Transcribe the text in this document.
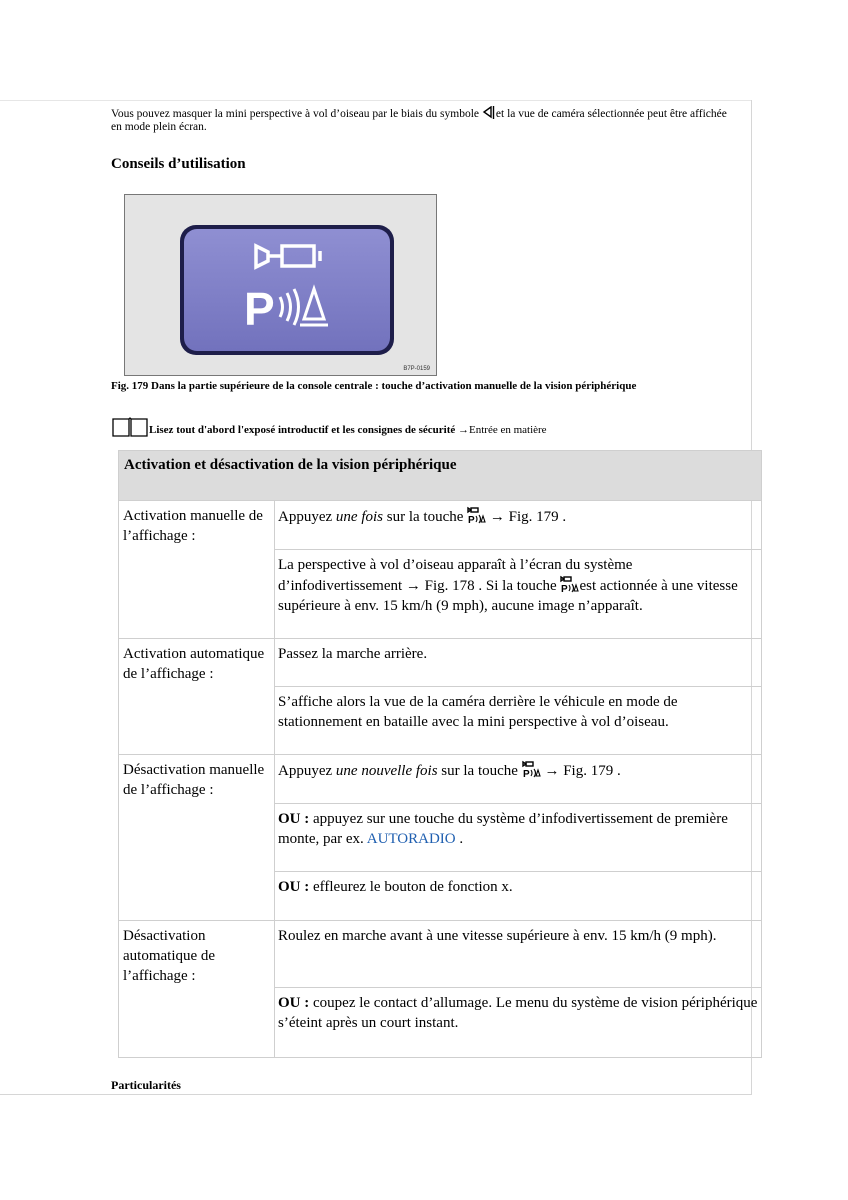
Vous pouvez masquer la mini perspective à vol d’oiseau par le biais du symbole et la vue de caméra sélectionnée peut être affichée en mode plein écran.
Conseils d’utilisation
P
B7P-0159
Fig. 179 Dans la partie supérieure de la console centrale : touche d’activation manuelle de la vision périphérique
Lisez tout d'abord l'exposé introductif et les consignes de sécurité →Entrée en matière
Activation et désactivation de la vision périphérique
Activation manuelle de l’affichage :
Appuyez une fois sur la touche P → Fig. 179 .
La perspective à vol d’oiseau apparaît à l’écran du système d’infodivertissement → Fig. 178 . Si la touche P est actionnée à une vitesse supérieure à env. 15 km/h (9 mph), aucune image n’apparaît.
Activation automatique de l’affichage :
Passez la marche arrière.
S’affiche alors la vue de la caméra derrière le véhicule en mode de stationnement en bataille avec la mini perspective à vol d’oiseau.
Désactivation manuelle de l’affichage :
Appuyez une nouvelle fois sur la touche P → Fig. 179 .
OU : appuyez sur une touche du système d’infodivertissement de première monte, par ex. AUTORADIO .
OU : effleurez le bouton de fonction x.
Désactivation automatique de l’affichage :
Roulez en marche avant à une vitesse supérieure à env. 15 km/h (9 mph).
OU : coupez le contact d’allumage. Le menu du système de vision périphérique s’éteint après un court instant.
Particularités
